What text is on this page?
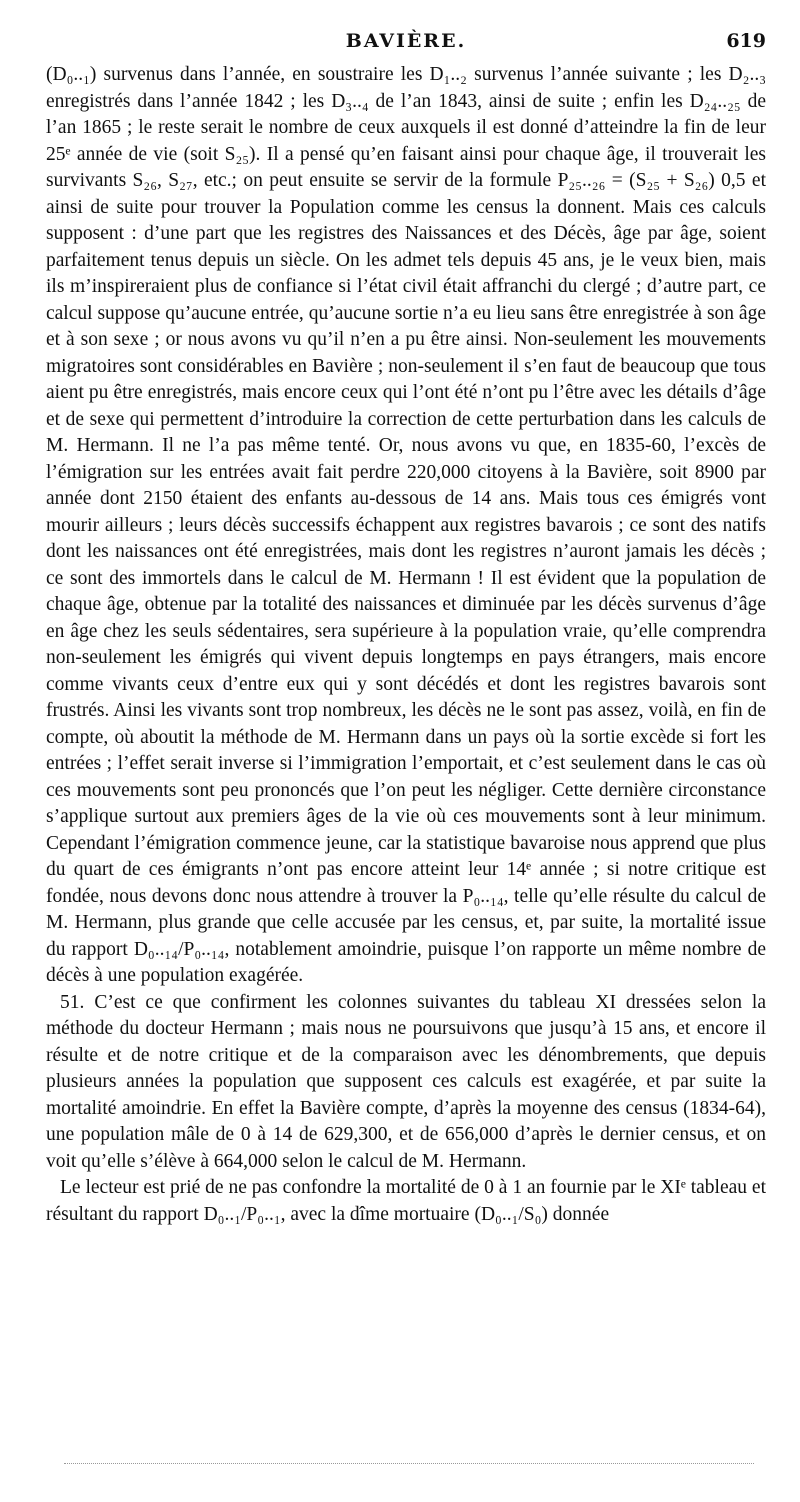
BAVIÈRE.	619

(D₀..₁) survenus dans l’année, en soustraire les D₁..₂ survenus l’année suivante ; les D₂..₃ enregistrés dans l’année 1842 ; les D₃..₄ de l’an 1843, ainsi de suite ; enfin les D₂₄..₂₅ de l’an 1865 ; le reste serait le nombre de ceux auxquels il est donné d’atteindre la fin de leur 25ᵉ année de vie (soit S₂₅). Il a pensé qu’en faisant ainsi pour chaque âge, il trouverait les survivants S₂₆, S₂₇, etc.; on peut ensuite se servir de la formule P₂₅..₂₆ = (S₂₅ + S₂₆) 0,5 et ainsi de suite pour trouver la Population comme les census la donnent. Mais ces calculs supposent : d’une part que les registres des Naissances et des Décès, âge par âge, soient parfaitement tenus depuis un siècle. On les admet tels depuis 45 ans, je le veux bien, mais ils m’inspireraient plus de confiance si l’état civil était affranchi du clergé ; d’autre part, ce calcul suppose qu’aucune entrée, qu’aucune sortie n’a eu lieu sans être enregistrée à son âge et à son sexe ; or nous avons vu qu’il n’en a pu être ainsi. Non-seulement les mouvements migratoires sont considérables en Bavière ; non-seulement il s’en faut de beaucoup que tous aient pu être enregistrés, mais encore ceux qui l’ont été n’ont pu l’être avec les détails d’âge et de sexe qui permettent d’introduire la correction de cette perturbation dans les calculs de M. Hermann. Il ne l’a pas même tenté. Or, nous avons vu que, en 1835-60, l’excès de l’émigration sur les entrées avait fait perdre 220,000 citoyens à la Bavière, soit 8900 par année dont 2150 étaient des enfants au-dessous de 14 ans. Mais tous ces émigrés vont mourir ailleurs ; leurs décès successifs échappent aux registres bavarois ; ce sont des natifs dont les naissances ont été enregistrées, mais dont les registres n’auront jamais les décès ; ce sont des immortels dans le calcul de M. Hermann ! Il est évident que la population de chaque âge, obtenue par la totalité des naissances et diminuée par les décès survenus d’âge en âge chez les seuls sédentaires, sera supérieure à la population vraie, qu’elle comprendra non-seulement les émigrés qui vivent depuis longtemps en pays étrangers, mais encore comme vivants ceux d’entre eux qui y sont décédés et dont les registres bavarois sont frustrés. Ainsi les vivants sont trop nombreux, les décès ne le sont pas assez, voilà, en fin de compte, où aboutit la méthode de M. Hermann dans un pays où la sortie excède si fort les entrées ; l’effet serait inverse si l’immigration l’emportait, et c’est seulement dans le cas où ces mouvements sont peu prononcés que l’on peut les négliger. Cette dernière circonstance s’applique surtout aux premiers âges de la vie où ces mouvements sont à leur minimum. Cependant l’émigration commence jeune, car la statistique bavaroise nous apprend que plus du quart de ces émigrants n’ont pas encore atteint leur 14ᵉ année ; si notre critique est fondée, nous devons donc nous attendre à trouver la P₀..₁₄, telle qu’elle résulte du calcul de M. Hermann, plus grande que celle accusée par les census, et, par suite, la mortalité issue du rapport D₀..₁₄/P₀..₁₄, notablement amoindrie, puisque l’on rapporte un même nombre de décès à une population exagérée.

51. C’est ce que confirment les colonnes suivantes du tableau XI dressées selon la méthode du docteur Hermann ; mais nous ne poursuivons que jusqu’à 15 ans, et encore il résulte et de notre critique et de la comparaison avec les dénombrements, que depuis plusieurs années la population que supposent ces calculs est exagérée, et par suite la mortalité amoindrie. En effet la Bavière compte, d’après la moyenne des census (1834-64), une population mâle de 0 à 14 de 629,300, et de 656,000 d’après le dernier census, et on voit qu’elle s’élève à 664,000 selon le calcul de M. Hermann.

Le lecteur est prié de ne pas confondre la mortalité de 0 à 1 an fournie par le XIᵉ tableau et résultant du rapport D₀..₁/P₀..₁, avec la dîme mortuaire (D₀..₁/S₀) donnée
